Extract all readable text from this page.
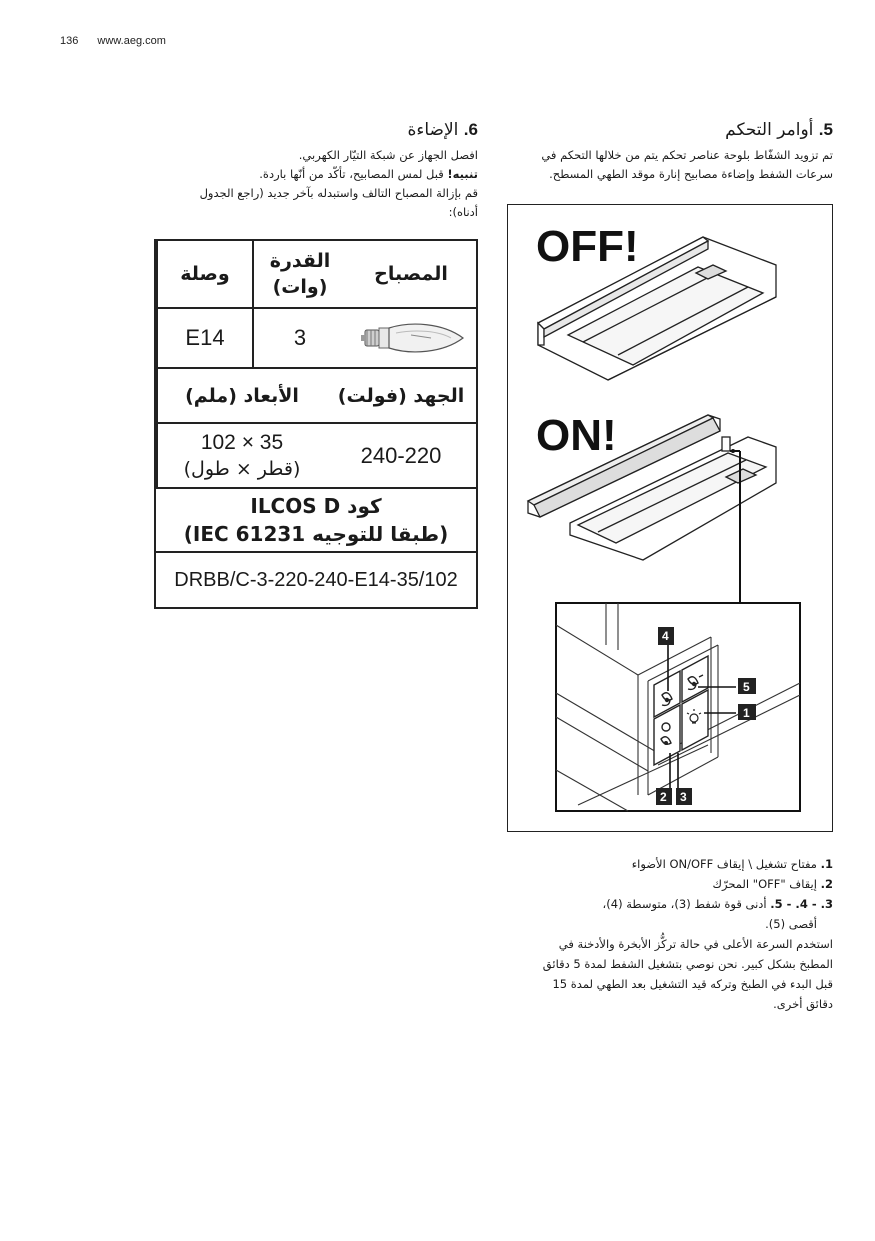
136 www.aeg.com
5. أوامر التحكم
تم تزويد الشفّاط بلوحة عناصر تحكم يتم من خلالها التحكم في
سرعات الشفط وإضاءة مصابيح إنارة موقد الطهي المسطح.
6. الإضاءة
افصل الجهاز عن شبكة التيّار الكهربي.
تنبيه! قبل لمس المصابيح، تأكّد من أنّها باردة.
قم بإزالة المصباح التالف واستبدله بآخر جديد (راجع الجدول
أدناه):
المصباح
القدرة
(وات)
وصلة
3
E14
الجهد (فولت)
الأبعاد (ملم)
240-220
102 × 35
(قطر × طول)
كود ILCOS D
(طبقا للتوجيه IEC 61231)
DRBB/C-3-220-240-E14-35/102
OFF!
ON!
4
5
1
2 3
1. مفتاح تشغيل \ إيقاف ON/OFF الأضواء
2. إيقاف "OFF" المحرّك
3. - 4. - 5. أدنى قوة شفط (3)، متوسطة (4)،
أقصى (5).
استخدم السرعة الأعلى في حالة تركُّز الأبخرة والأدخنة في
المطبخ بشكل كبير. نحن نوصي بتشغيل الشفط لمدة 5 دقائق
قبل البدء في الطبخ وتركه قيد التشغيل بعد الطهي لمدة 15
دقائق أخرى.
